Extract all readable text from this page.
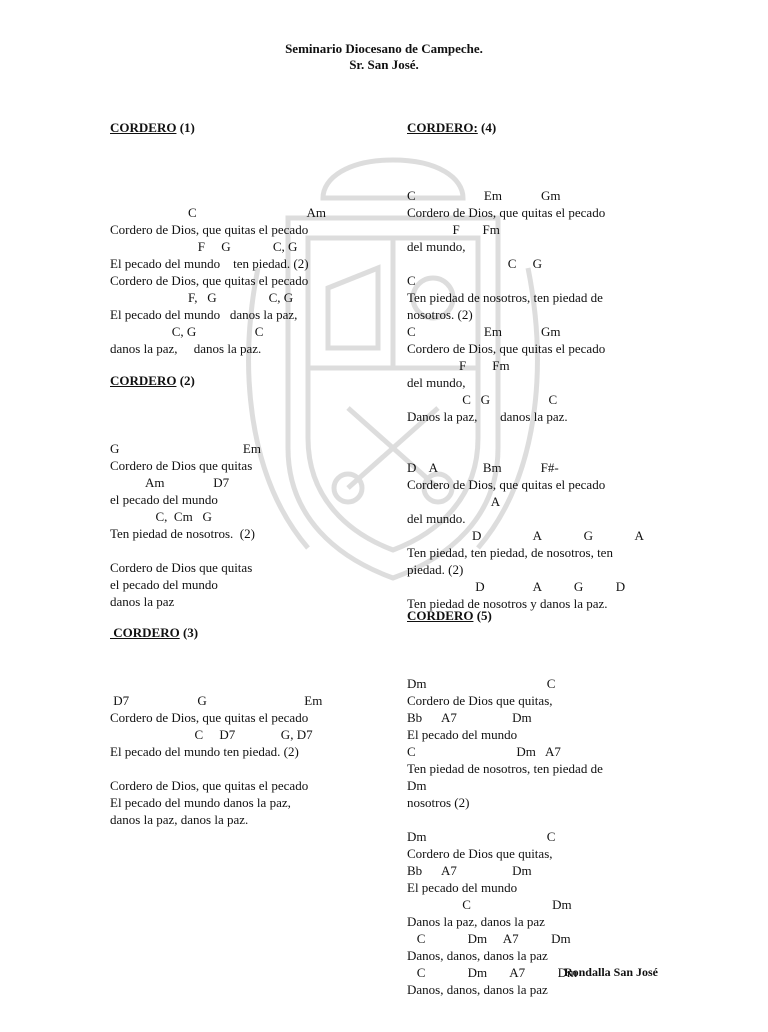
Seminario Diocesano de Campeche.
Sr. San José.

CORDERO (1)

C                                  Am
Cordero de Dios, que quitas el pecado
F     G             C, G
El pecado del mundo    ten piedad. (2)
Cordero de Dios, que quitas el pecado
F,   G                C, G
El pecado del mundo   danos la paz,
C, G                  C
danos la paz,     danos la paz.

CORDERO (2)

G                                      Em
Cordero de Dios que quitas
Am               D7
el pecado del mundo
C,  Cm   G
Ten piedad de nosotros.  (2)
Cordero de Dios que quitas
el pecado del mundo
danos la paz

CORDERO (3)

D7                     G                              Em
Cordero de Dios, que quitas el pecado
C     D7              G, D7
El pecado del mundo ten piedad. (2)
Cordero de Dios, que quitas el pecado
El pecado del mundo danos la paz,
danos la paz, danos la paz.

CORDERO: (4)

C                     Em            Gm
Cordero de Dios, que quitas el pecado
F       Fm
del mundo,
C     G
C
Ten piedad de nosotros, ten piedad de
nosotros. (2)
C                     Em            Gm
Cordero de Dios, que quitas el pecado
F        Fm
del mundo,
C   G                  C
Danos la paz,       danos la paz.
D    A              Bm            F#-
Cordero de Dios, que quitas el pecado
A
del mundo.
D                A             G             A
Ten piedad, ten piedad, de nosotros, ten
piedad. (2)
D               A          G          D
Ten piedad de nosotros y danos la paz.

CORDERO (5)

Dm                                     C
Cordero de Dios que quitas,
Bb      A7                 Dm
El pecado del mundo
C                               Dm   A7
Ten piedad de nosotros, ten piedad de
Dm
nosotros (2)
Dm                                     C
Cordero de Dios que quitas,
Bb      A7                 Dm
El pecado del mundo
C                         Dm
Danos la paz, danos la paz
C             Dm     A7          Dm
Danos, danos, danos la paz
C             Dm       A7          Dm
Danos, danos, danos la paz

Rondalla San José
